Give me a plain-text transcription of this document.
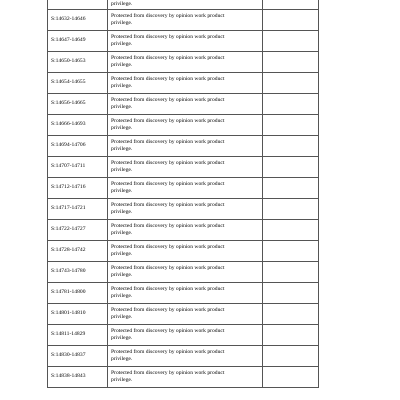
	privilege.	

S:14632-14646	Protected from discovery by opinion work product
privilege.	

S:14647-14649	Protected from discovery by opinion work product
privilege.	

S:14650-14653	Protected from discovery by opinion work product
privilege.	

S:14654-14655	Protected from discovery by opinion work product
privilege.	

S:14656-14665	Protected from discovery by opinion work product
privilege.	

S:14666-14693	Protected from discovery by opinion work product
privilege.	

S:14694-14706	Protected from discovery by opinion work product
privilege.	

S:14707-14711	Protected from discovery by opinion work product
privilege.	

S:14712-14716	Protected from discovery by opinion work product
privilege.	

S:14717-14721	Protected from discovery by opinion work product
privilege.	

S:14722-14727	Protected from discovery by opinion work product
privilege.	

S:14728-14742	Protected from discovery by opinion work product
privilege.	

S:14743-14780	Protected from discovery by opinion work product
privilege.	

S:14781-14800	Protected from discovery by opinion work product
privilege.	

S:14801-14810	Protected from discovery by opinion work product
privilege.	

S:14811-14829	Protected from discovery by opinion work product
privilege.	

S:14830-14837	Protected from discovery by opinion work product
privilege.	

S:14838-14843	Protected from discovery by opinion work product
privilege.	
